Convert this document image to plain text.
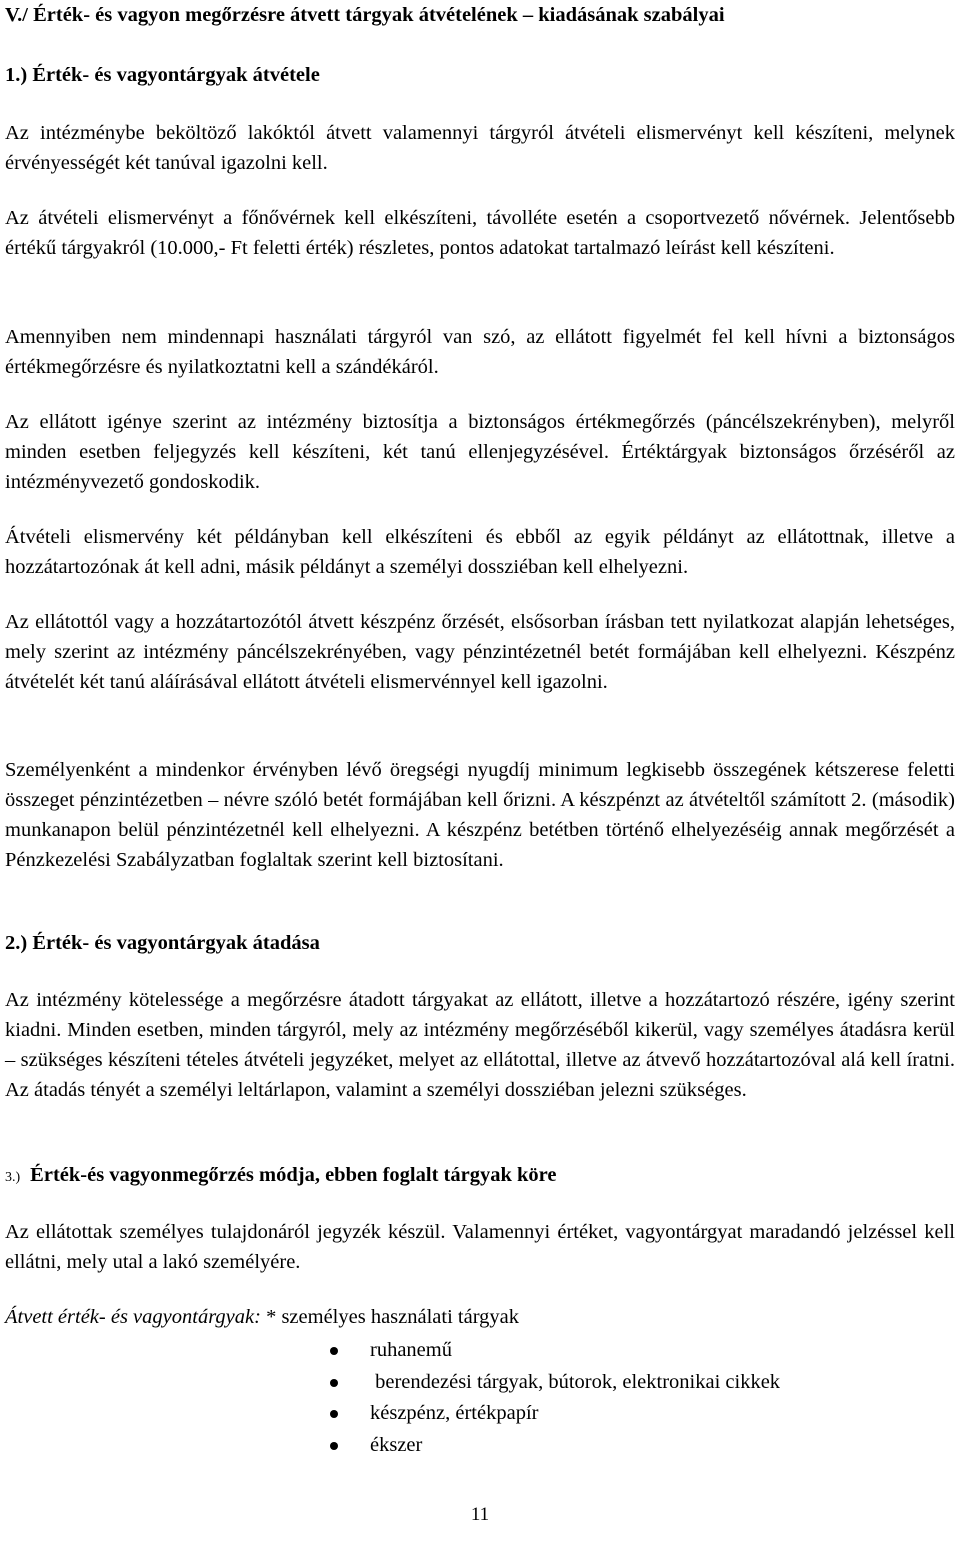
V./ Érték- és vagyon megőrzésre átvett tárgyak átvételének – kiadásának szabályai

1.) Érték- és vagyontárgyak átvétele

Az intézménybe beköltöző lakóktól átvett valamennyi tárgyról átvételi elismervényt kell készíteni, melynek érvényességét két tanúval igazolni kell.

Az átvételi elismervényt a főnővérnek kell elkészíteni, távolléte esetén a csoportvezető nővérnek. Jelentősebb értékű tárgyakról (10.000,- Ft feletti érték) részletes, pontos adatokat tartalmazó leírást kell készíteni.

Amennyiben nem mindennapi használati tárgyról van szó, az ellátott figyelmét fel kell hívni a biztonságos értékmegőrzésre és nyilatkoztatni kell a szándékáról.

Az ellátott igénye szerint az intézmény biztosítja a biztonságos értékmegőrzés (páncélszekrényben), melyről minden esetben feljegyzés kell készíteni, két tanú ellenjegyzésével. Értéktárgyak biztonságos őrzéséről az intézményvezető gondoskodik.

Átvételi elismervény két példányban kell elkészíteni és ebből az egyik példányt az ellátottnak, illetve a hozzátartozónak át kell adni, másik példányt a személyi dossziéban kell elhelyezni.

Az ellátottól vagy a hozzátartozótól átvett készpénz őrzését, elsősorban írásban tett nyilatkozat alapján lehetséges, mely szerint az intézmény páncélszekrényében, vagy pénzintézetnél betét formájában kell elhelyezni. Készpénz átvételét két tanú aláírásával ellátott átvételi elismervénnyel kell igazolni.

Személyenként a mindenkor érvényben lévő öregségi nyugdíj minimum legkisebb összegének kétszerese feletti összeget pénzintézetben – névre szóló betét formájában kell őrizni. A készpénzt az átvételtől számított 2. (második) munkanapon belül pénzintézetnél kell elhelyezni. A készpénz betétben történő elhelyezéséig annak megőrzését a Pénzkezelési Szabályzatban foglaltak szerint kell biztosítani.

2.) Érték- és vagyontárgyak átadása

Az intézmény kötelessége a megőrzésre átadott tárgyakat az ellátott, illetve a hozzátartozó részére, igény szerint kiadni. Minden esetben, minden tárgyról, mely az intézmény megőrzéséből kikerül, vagy személyes átadásra kerül – szükséges készíteni tételes átvételi jegyzéket, melyet az ellátottal, illetve az átvevő hozzátartozóval alá kell íratni. Az átadás tényét a személyi leltárlapon, valamint a személyi dossziéban jelezni szükséges.

3.) Érték-és vagyonmegőrzés módja, ebben foglalt tárgyak köre

Az ellátottak személyes tulajdonáról jegyzék készül. Valamennyi értéket, vagyontárgyat maradandó jelzéssel kell ellátni, mely utal a lakó személyére.

Átvett érték- és vagyontárgyak: * személyes használati tárgyak

ruhanemű
berendezési tárgyak, bútorok, elektronikai cikkek
készpénz, értékpapír
ékszer
11
